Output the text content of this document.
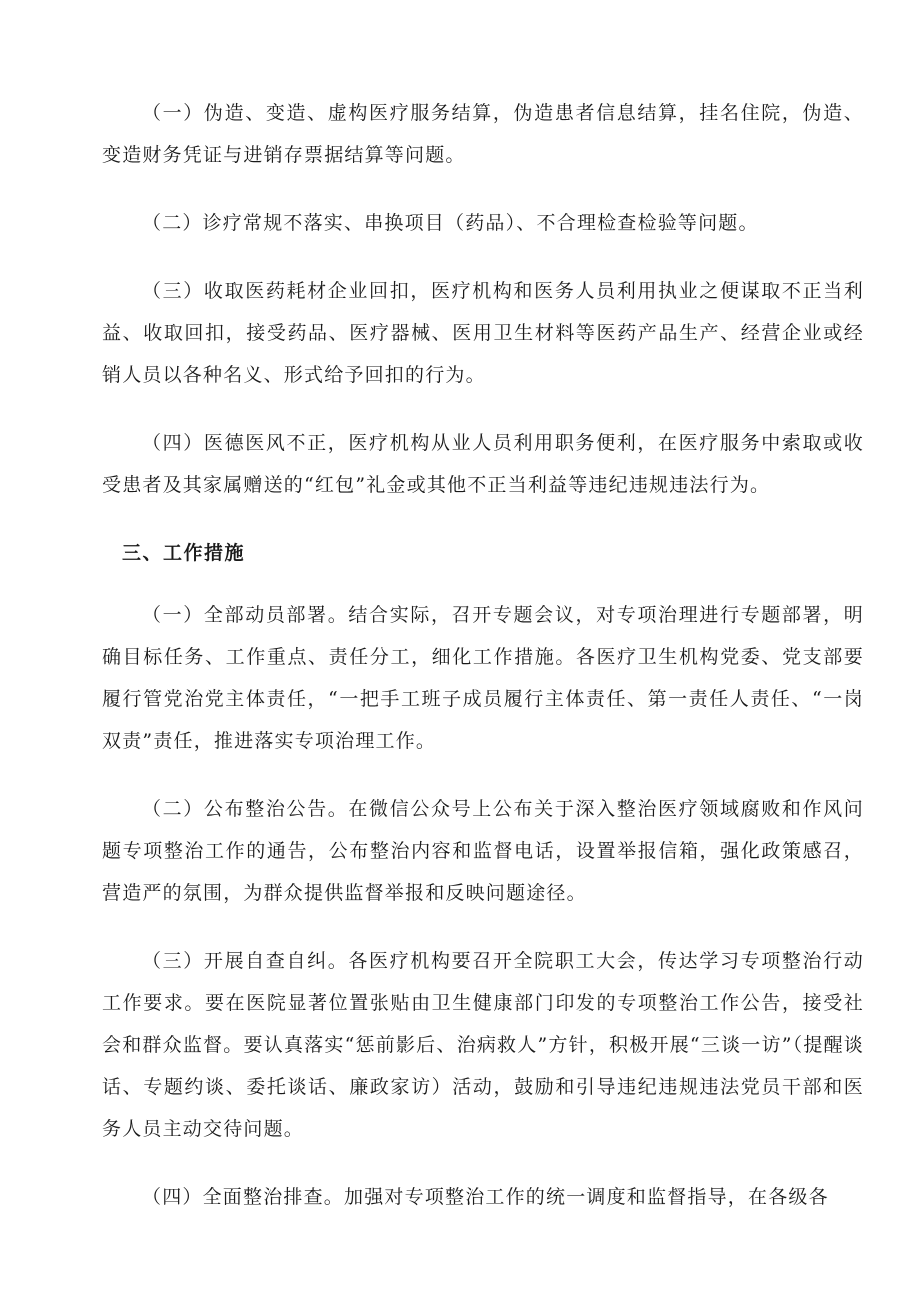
（一）伪造、变造、虚构医疗服务结算，伪造患者信息结算，挂名住院，伪造、变造财务凭证与进销存票据结算等问题。

（二）诊疗常规不落实、串换项目（药品）、不合理检查检验等问题。

（三）收取医药耗材企业回扣，医疗机构和医务人员利用执业之便谋取不正当利益、收取回扣，接受药品、医疗器械、医用卫生材料等医药产品生产、经营企业或经销人员以各种名义、形式给予回扣的行为。

（四）医德医风不正，医疗机构从业人员利用职务便利，在医疗服务中索取或收受患者及其家属赠送的“红包”礼金或其他不正当利益等违纪违规违法行为。

三、工作措施

（一）全部动员部署。结合实际，召开专题会议，对专项治理进行专题部署，明确目标任务、工作重点、责任分工，细化工作措施。各医疗卫生机构党委、党支部要履行管党治党主体责任，“一把手工班子成员履行主体责任、第一责任人责任、“一岗双责”责任，推进落实专项治理工作。

（二）公布整治公告。在微信公众号上公布关于深入整治医疗领域腐败和作风问题专项整治工作的通告，公布整治内容和监督电话，设置举报信箱，强化政策感召，营造严的氛围，为群众提供监督举报和反映问题途径。

（三）开展自查自纠。各医疗机构要召开全院职工大会，传达学习专项整治行动工作要求。要在医院显著位置张贴由卫生健康部门印发的专项整治工作公告，接受社会和群众监督。要认真落实“惩前影后、治病救人”方针，积极开展“三谈一访”（提醒谈话、专题约谈、委托谈话、廉政家访）活动，鼓励和引导违纪违规违法党员干部和医务人员主动交待问题。

（四）全面整治排查。加强对专项整治工作的统一调度和监督指导，在各级各
